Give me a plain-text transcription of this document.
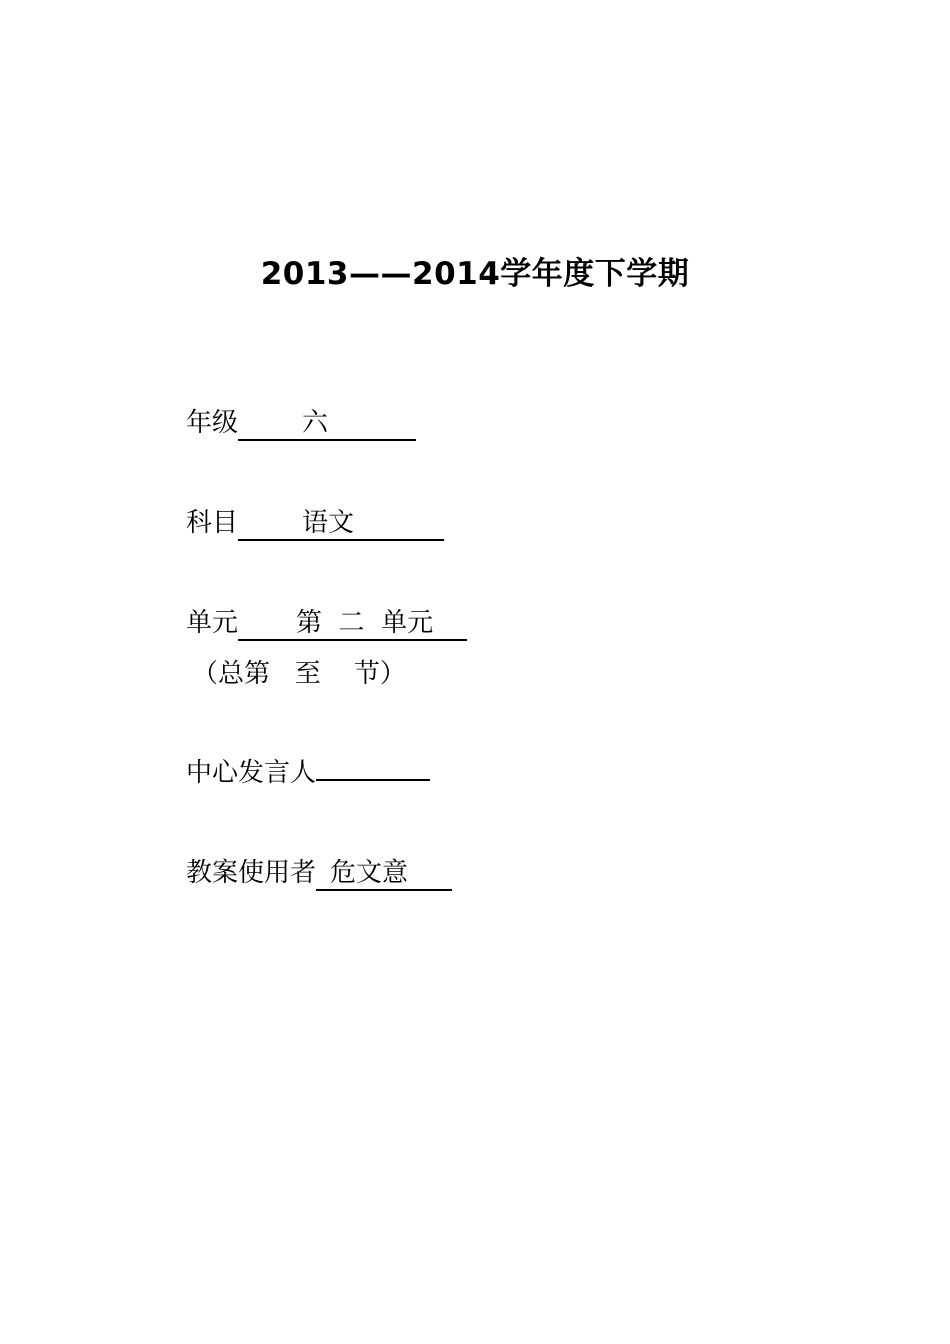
2013——2014学年度下学期
年级 六
科目 语文
单元 第  二  单元
（总第   至    节）
中心发言人
教案使用者 危文意
